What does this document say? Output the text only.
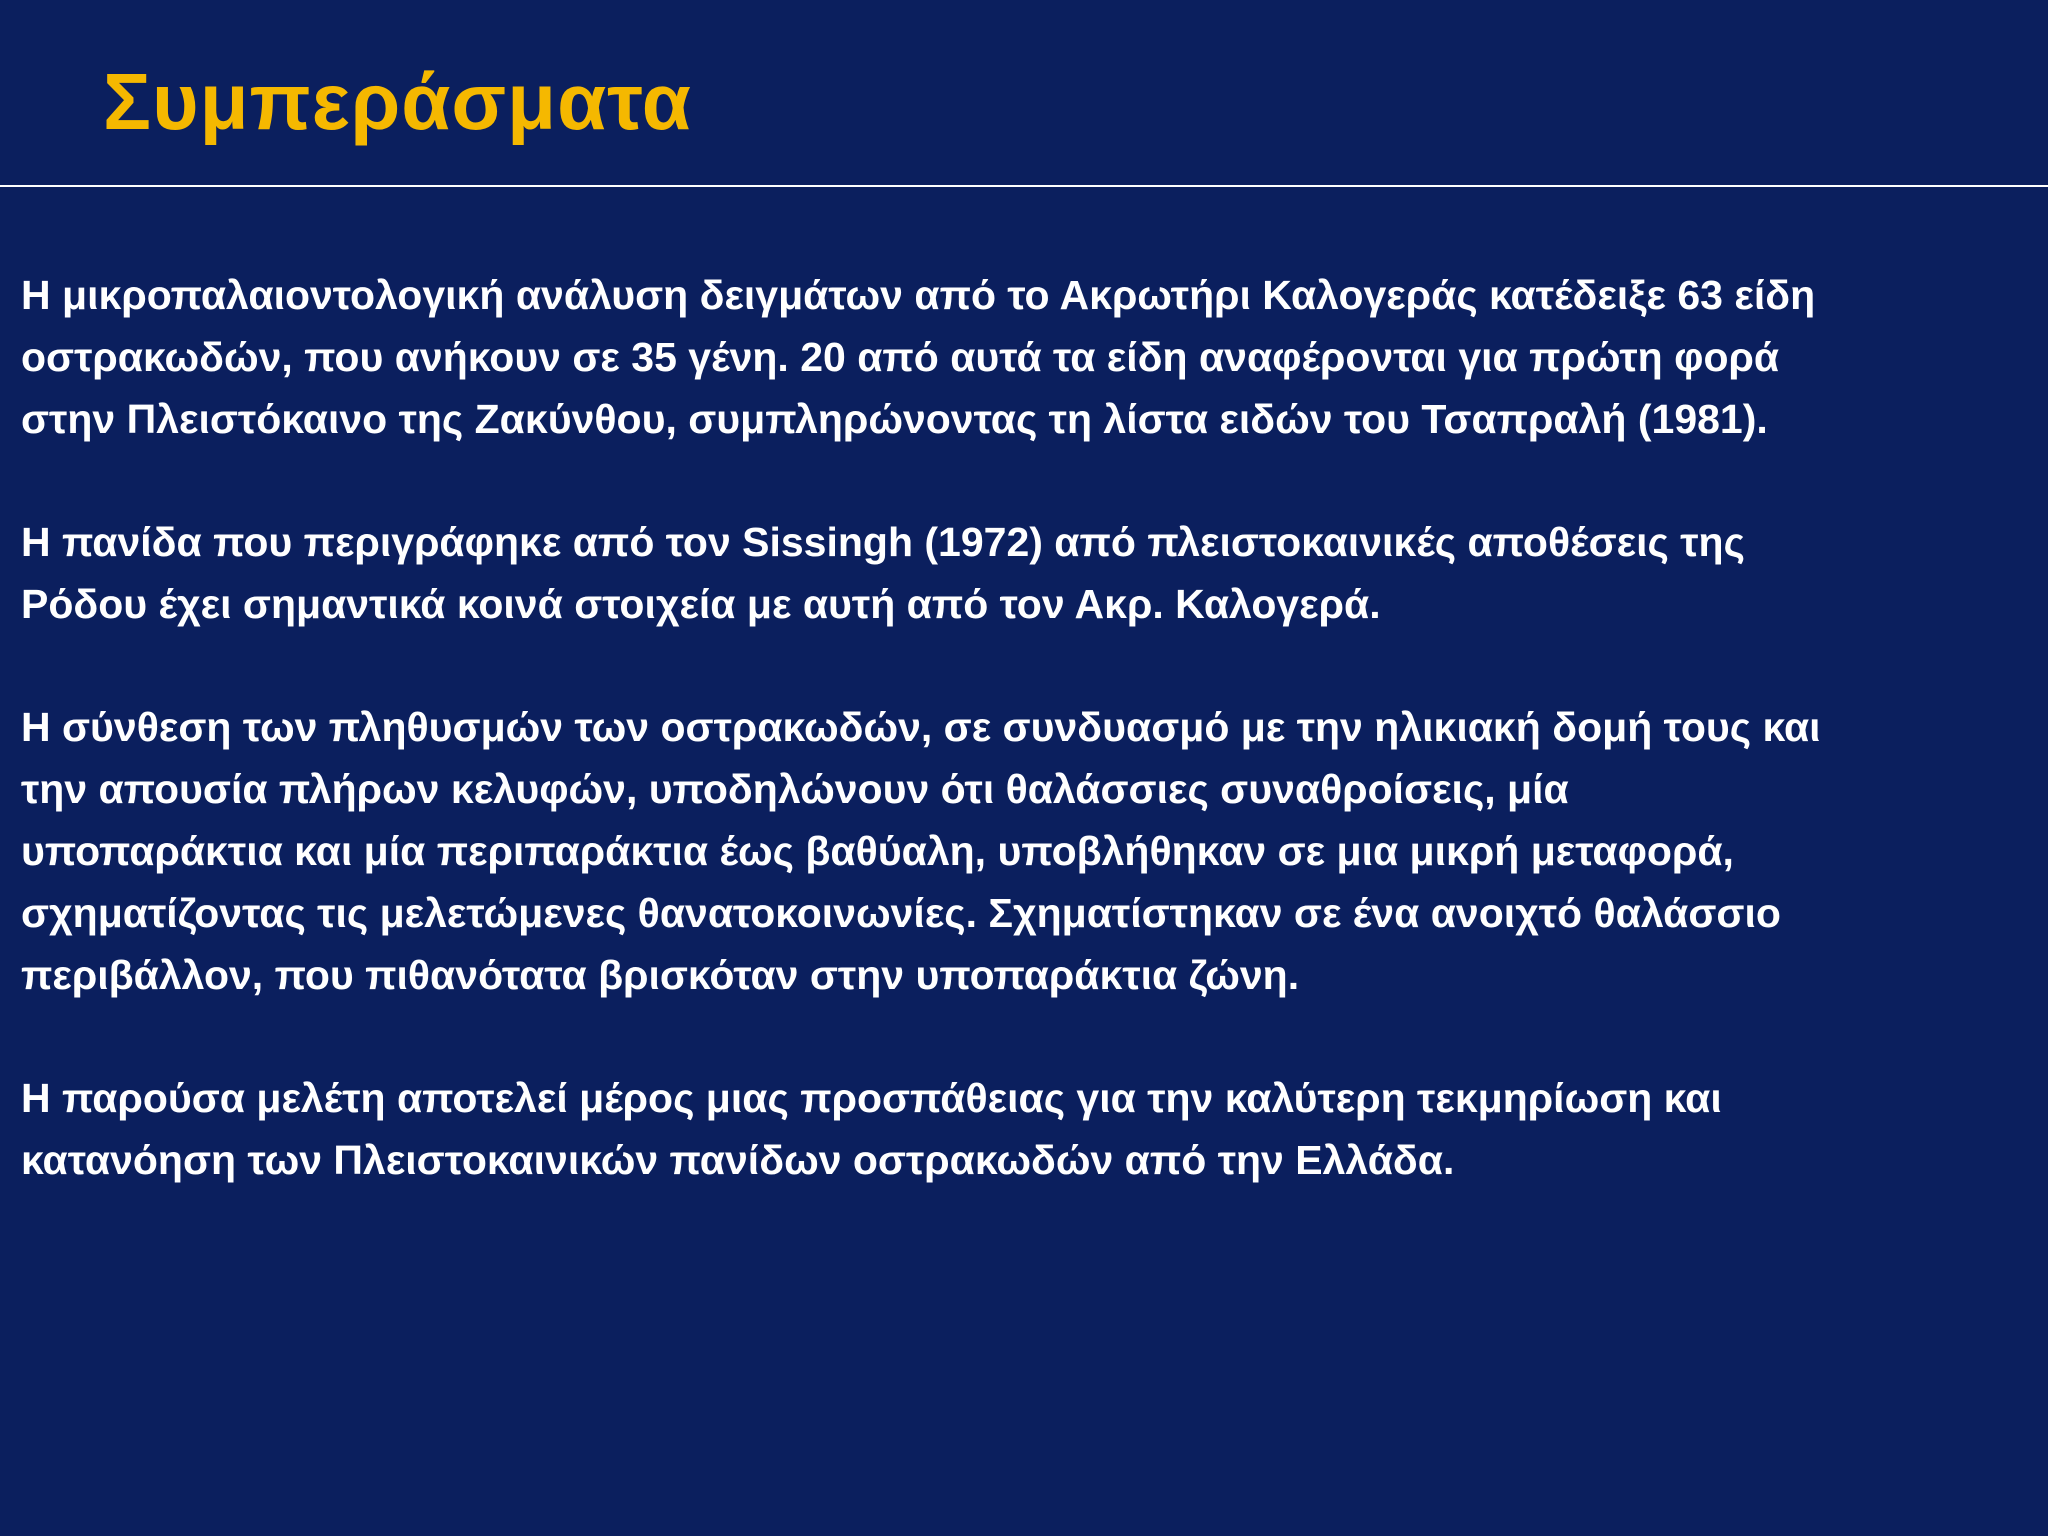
Συμπεράσματα

Η μικροπαλαιοντολογική ανάλυση δειγμάτων από το Ακρωτήρι Καλογεράς κατέδειξε 63 είδη
οστρακωδών, που ανήκουν σε 35 γένη. 20 από αυτά τα είδη αναφέρονται για πρώτη φορά
στην Πλειστόκαινο της Ζακύνθου, συμπληρώνοντας τη λίστα ειδών του Τσαπραλή (1981).

Η πανίδα που περιγράφηκε από τον Sissingh (1972) από πλειστοκαινικές αποθέσεις της
Ρόδου έχει σημαντικά κοινά στοιχεία με αυτή από τον Ακρ. Καλογερά.

Η σύνθεση των πληθυσμών των οστρακωδών, σε συνδυασμό με την ηλικιακή δομή τους και
την απουσία πλήρων κελυφών, υποδηλώνουν ότι θαλάσσιες συναθροίσεις, μία
υποπαράκτια και μία περιπαράκτια έως βαθύαλη, υποβλήθηκαν σε μια μικρή μεταφορά,
σχηματίζοντας τις μελετώμενες θανατοκοινωνίες. Σχηματίστηκαν σε ένα ανοιχτό θαλάσσιο
περιβάλλον, που πιθανότατα βρισκόταν στην υποπαράκτια ζώνη.

Η παρούσα μελέτη αποτελεί μέρος μιας προσπάθειας για την καλύτερη τεκμηρίωση και
κατανόηση των Πλειστοκαινικών πανίδων οστρακωδών από την Ελλάδα.
